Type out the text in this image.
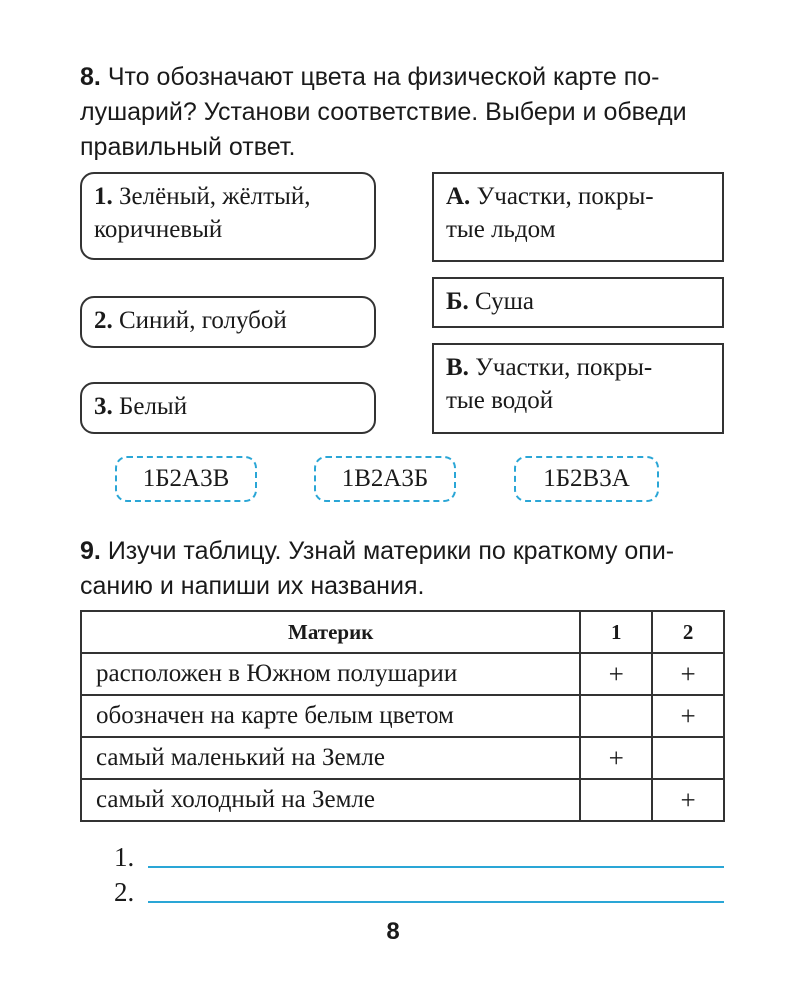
8. Что обозначают цвета на физической карте по-
лушарий? Установи соответствие. Выбери и обведи
правильный ответ.
1. Зелёный, жёлтый,
коричневый
2. Синий, голубой
3. Белый
А. Участки, покры-
тые льдом
Б. Суша
В. Участки, покры-
тые водой
1Б2А3В	1В2А3Б	1Б2В3А
9. Изучи таблицу. Узнай материки по краткому опи-
санию и напиши их названия.
Материк	1	2
расположен в Южном полушарии	+	+
обозначен на карте белым цветом		+
самый маленький на Земле	+	
самый холодный на Земле		+
1.
2.
8
